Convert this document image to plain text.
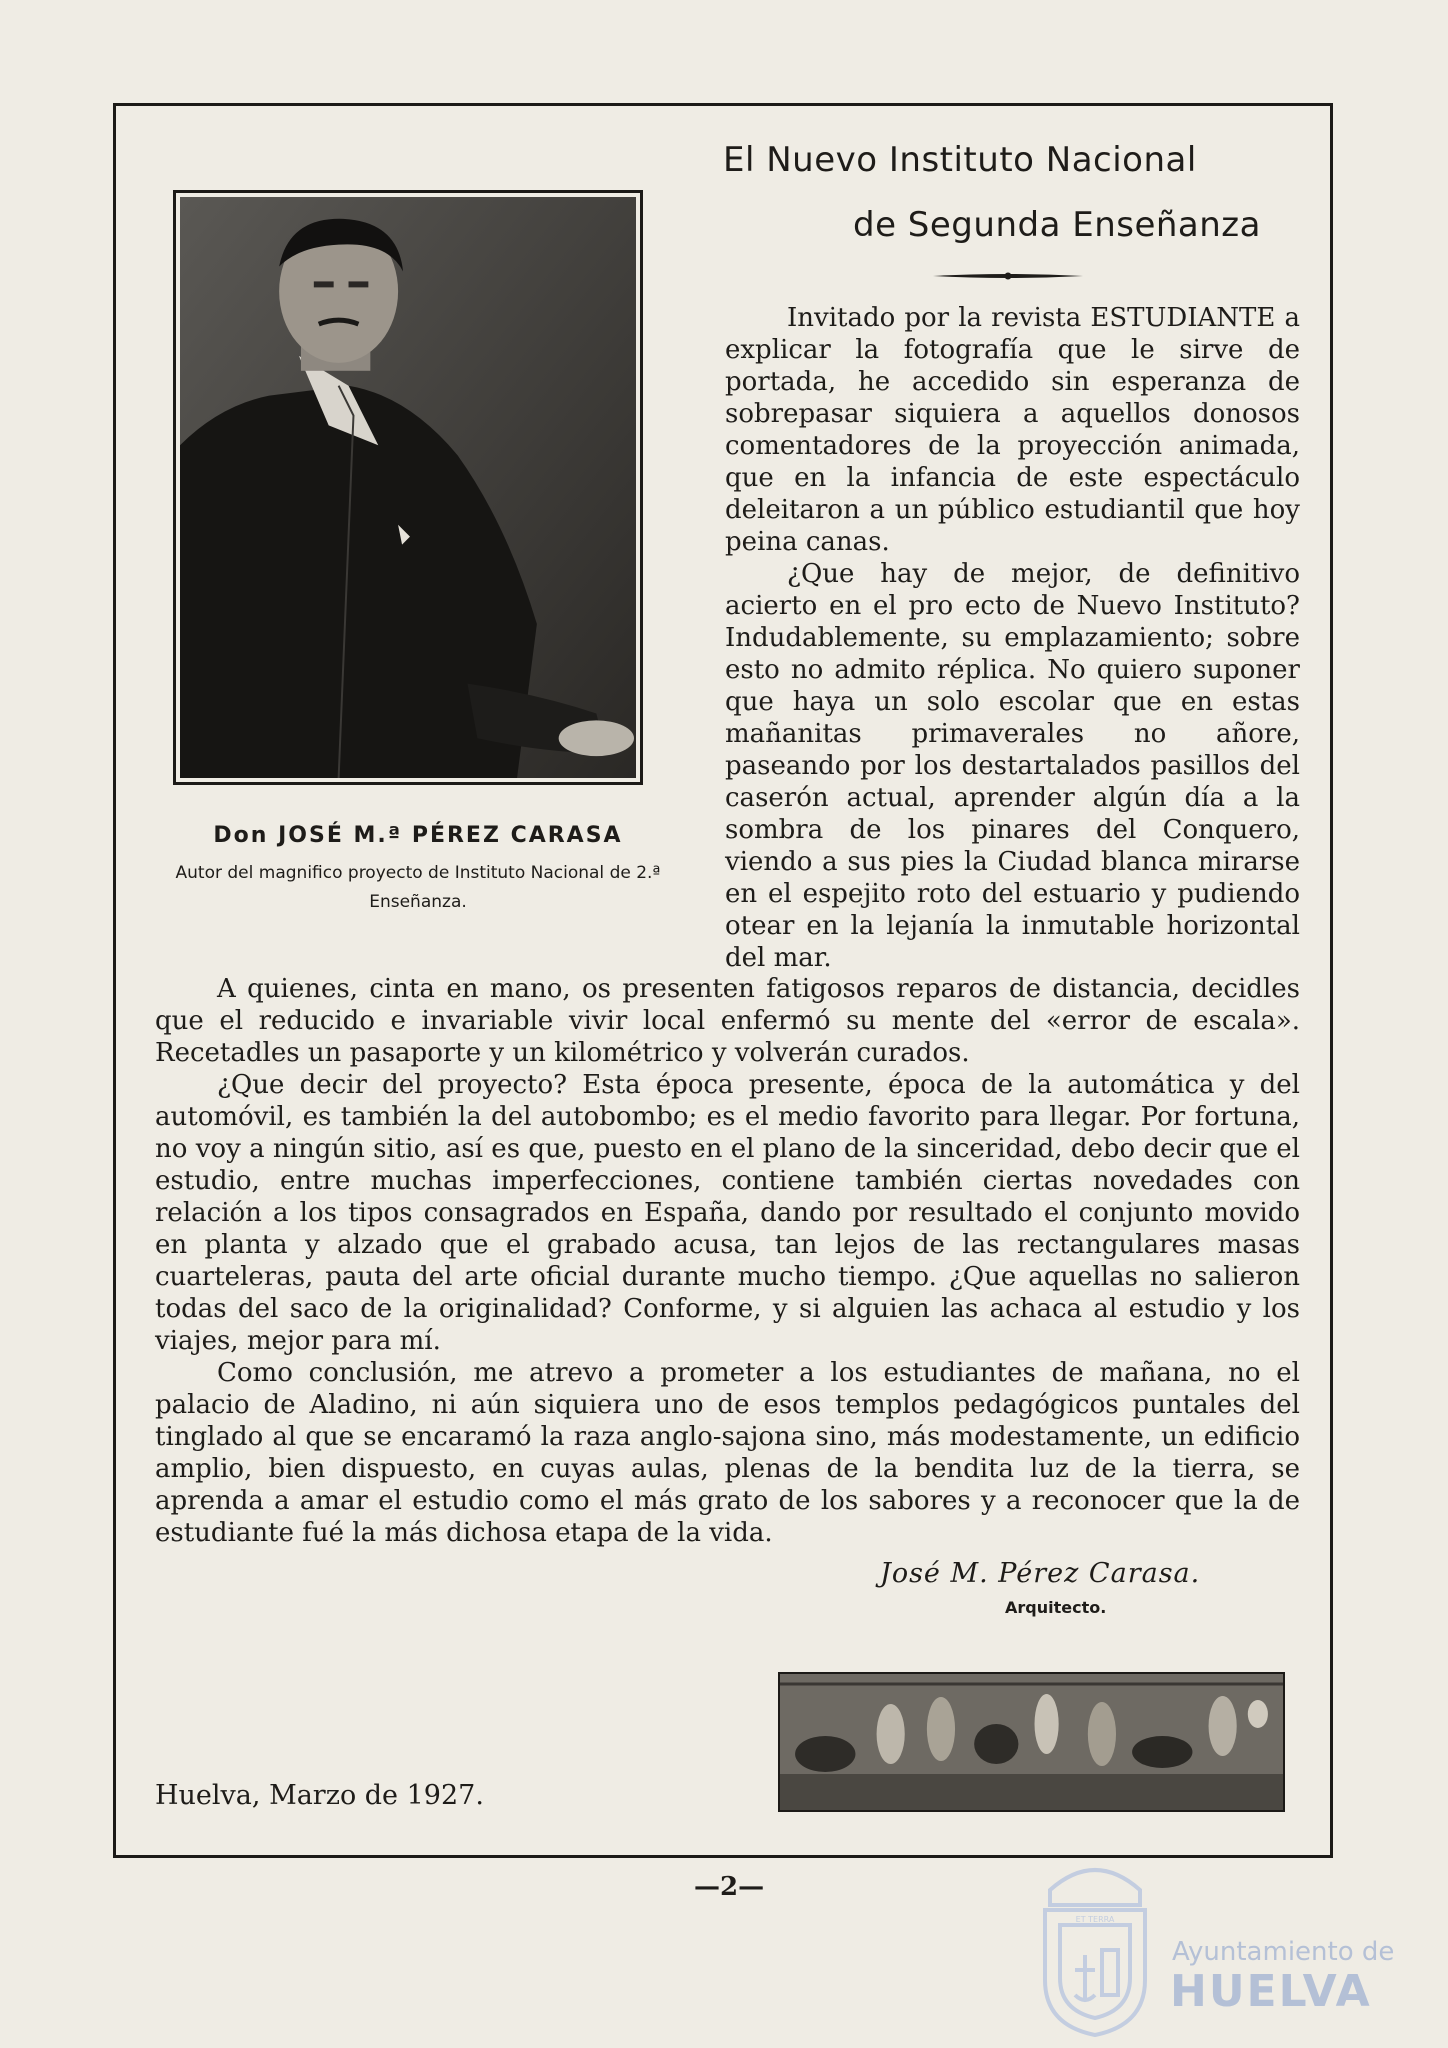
Don JOSÉ M.ª PÉREZ CARASA
Autor del magnifico proyecto de Instituto Nacional de 2.ª Enseñanza.
El Nuevo Instituto Nacional
de Segunda Enseñanza

Invitado por la revista ESTUDIANTE a explicar la fotografía que le sirve de portada, he accedido sin esperanza de sobrepasar siquiera a aquellos donosos comentadores de la proyección animada, que en la infancia de este espectáculo deleitaron a un público estudiantil que hoy peina canas.

¿Que hay de mejor, de definitivo acierto en el pro ecto de Nuevo Instituto? Indudablemente, su emplazamiento; sobre esto no admito réplica. No quiero suponer que haya un solo escolar que en estas mañanitas primaverales no añore, paseando por los destartalados pasillos del caserón actual, aprender algún día a la sombra de los pinares del Conquero, viendo a sus pies la Ciudad blanca mirarse en el espejito roto del estuario y pudiendo otear en la lejanía la inmutable horizontal del mar.

A quienes, cinta en mano, os presenten fatigosos reparos de distancia, decidles que el reducido e invariable vivir local enfermó su mente del «error de escala». Recetadles un pasaporte y un kilométrico y volverán curados.

¿Que decir del proyecto? Esta época presente, época de la automática y del automóvil, es también la del autobombo; es el medio favorito para llegar. Por fortuna, no voy a ningún sitio, así es que, puesto en el plano de la sinceridad, debo decir que el estudio, entre muchas imperfecciones, contiene también ciertas novedades con relación a los tipos consagrados en España, dando por resultado el conjunto movido en planta y alzado que el grabado acusa, tan lejos de las rectangulares masas cuarteleras, pauta del arte oficial durante mucho tiempo. ¿Que aquellas no salieron todas del saco de la originalidad? Conforme, y si alguien las achaca al estudio y los viajes, mejor para mí.

Como conclusión, me atrevo a prometer a los estudiantes de mañana, no el palacio de Aladino, ni aún siquiera uno de esos templos pedagógicos puntales del tinglado al que se encaramó la raza anglo-sajona sino, más modestamente, un edificio amplio, bien dispuesto, en cuyas aulas, plenas de la bendita luz de la tierra, se aprenda a amar el estudio como el más grato de los sabores y a reconocer que la de estudiante fué la más dichosa etapa de la vida.

José M. Pérez Carasa.
Arquitecto.
Huelva, Marzo de 1927.
—2—
ET TERRA
Ayuntamiento de
HUELVA
